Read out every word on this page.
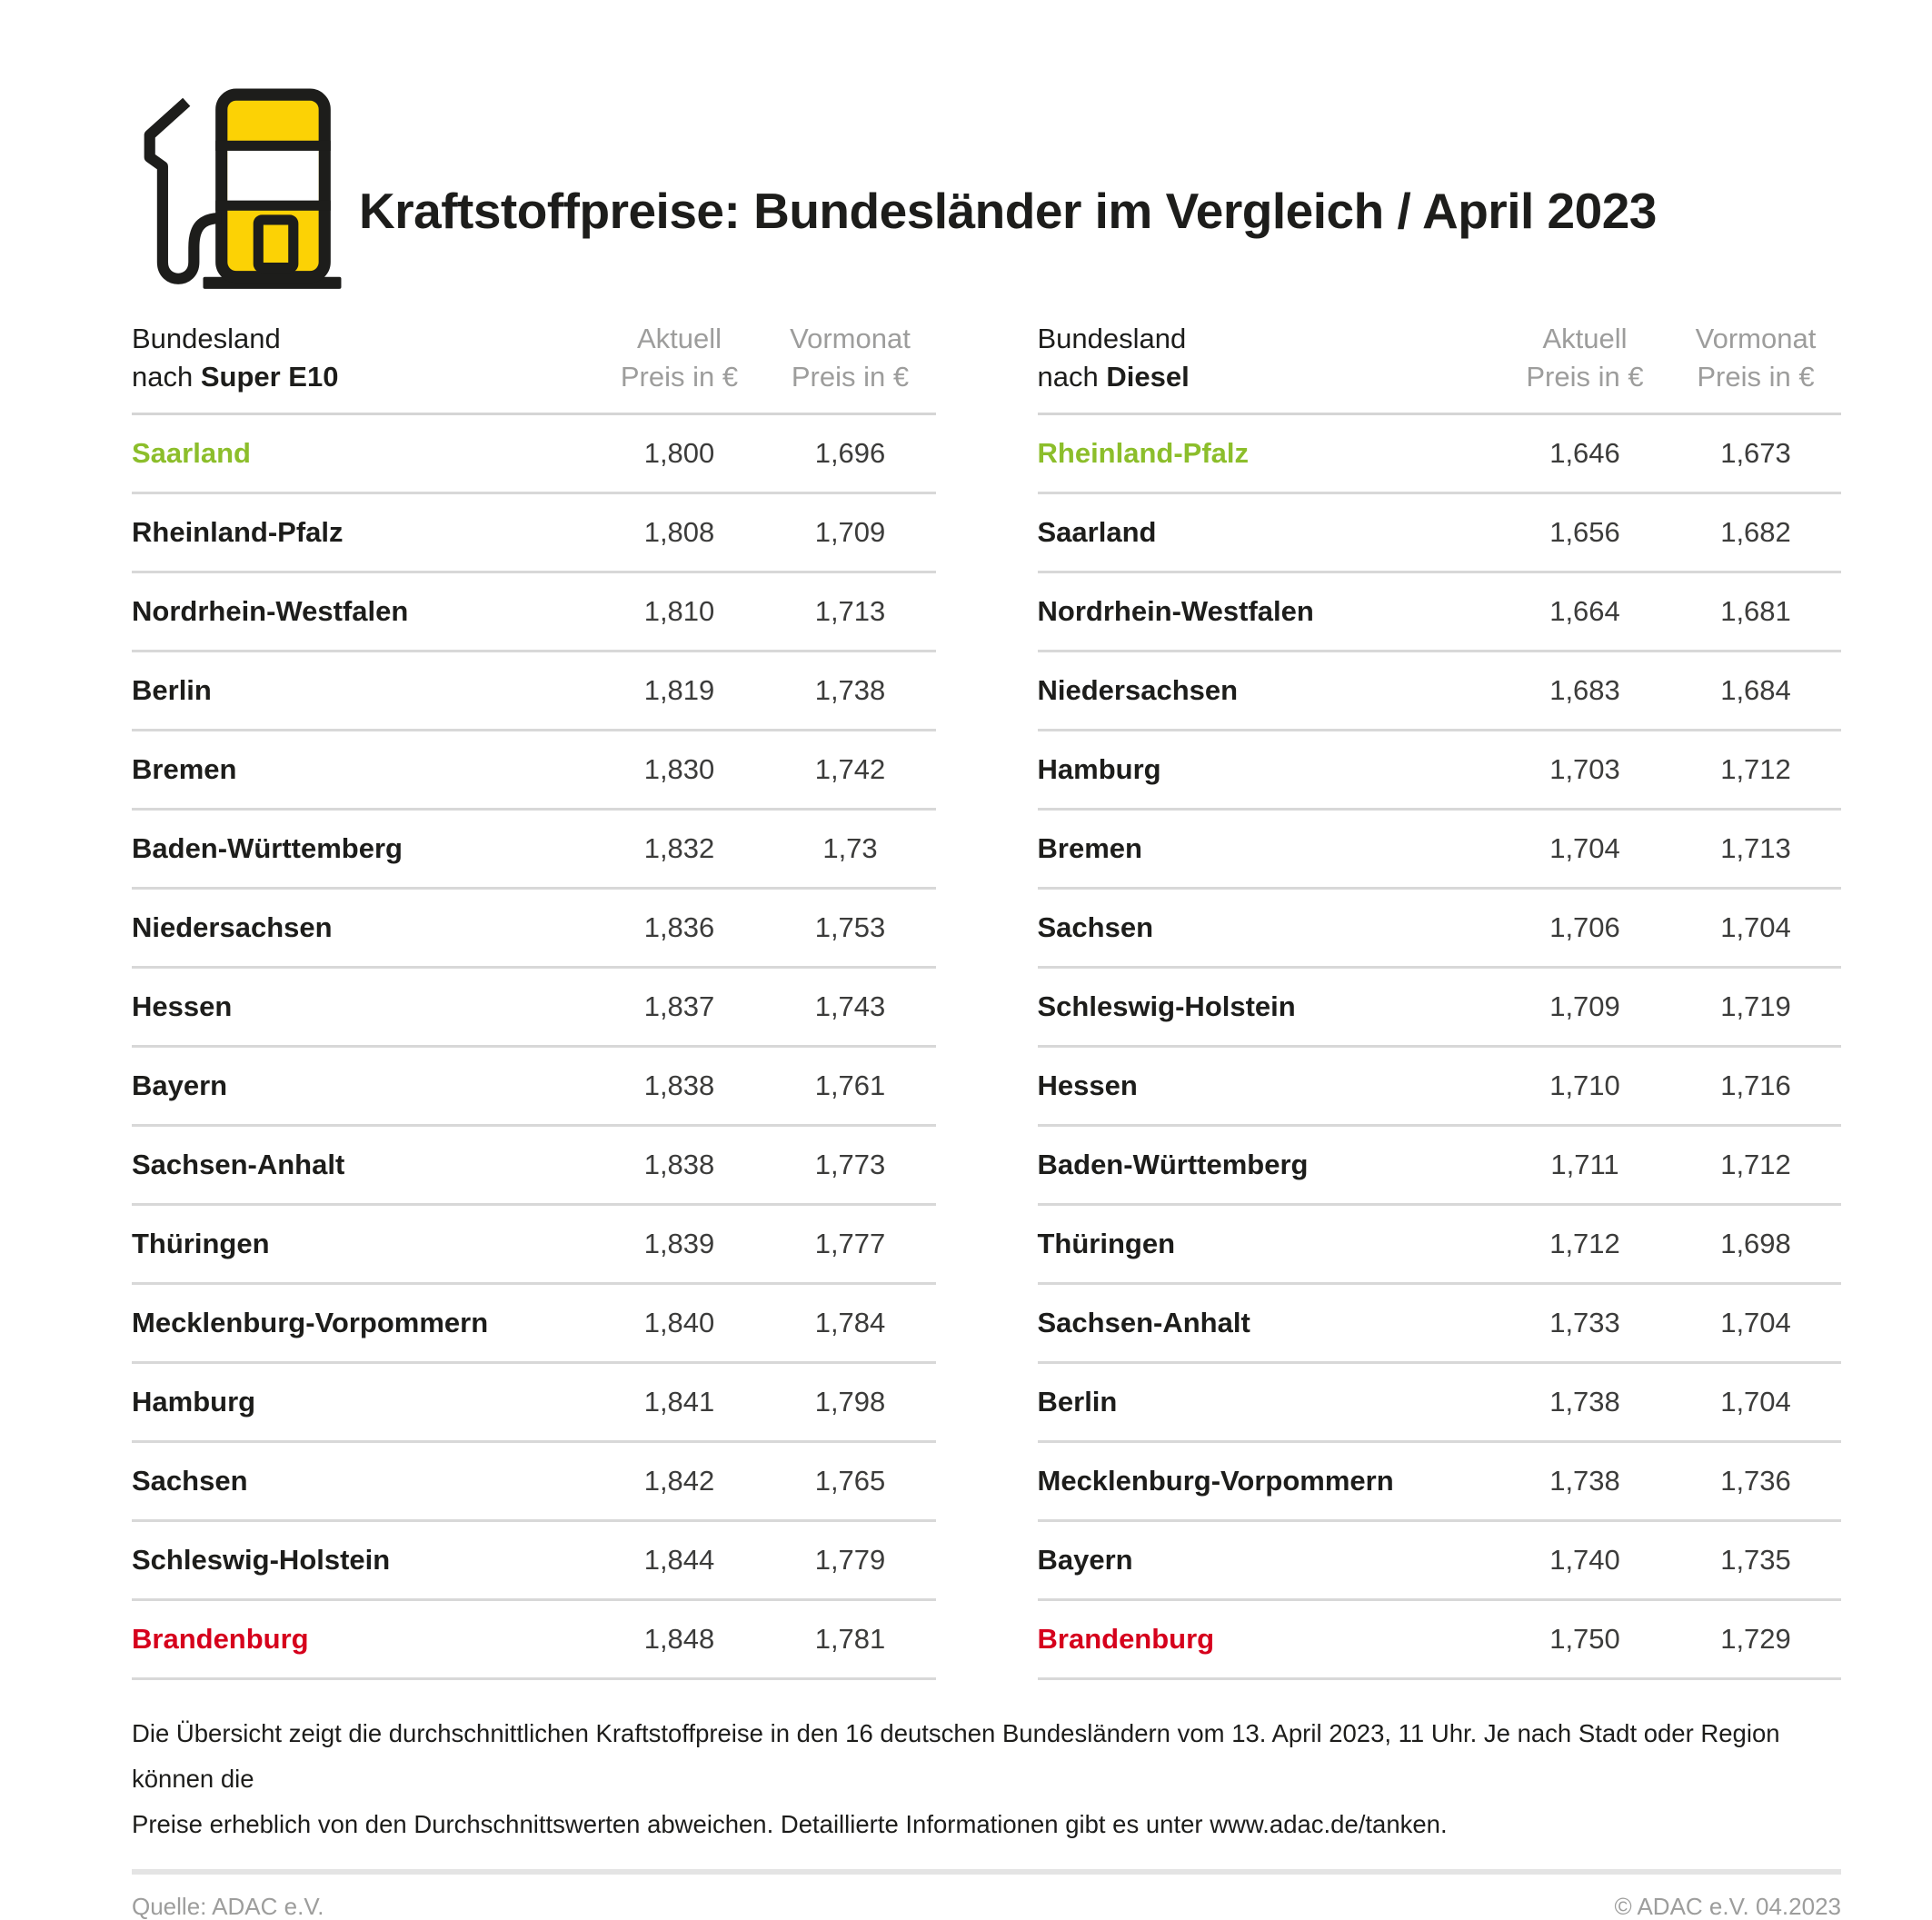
Kraftstoffpreise: Bundesländer im Vergleich / April 2023
Bundesland
nach Super E10
Aktuell
Preis in €
Vormonat
Preis in €
Saarland	1,800	1,696
Rheinland-Pfalz	1,808	1,709
Nordrhein-Westfalen	1,810	1,713
Berlin	1,819	1,738
Bremen	1,830	1,742
Baden-Württemberg	1,832	1,73
Niedersachsen	1,836	1,753
Hessen	1,837	1,743
Bayern	1,838	1,761
Sachsen-Anhalt	1,838	1,773
Thüringen	1,839	1,777
Mecklenburg-Vorpommern	1,840	1,784
Hamburg	1,841	1,798
Sachsen	1,842	1,765
Schleswig-Holstein	1,844	1,779
Brandenburg	1,848	1,781
Bundesland
nach Diesel
Aktuell
Preis in €
Vormonat
Preis in €
Rheinland-Pfalz	1,646	1,673
Saarland	1,656	1,682
Nordrhein-Westfalen	1,664	1,681
Niedersachsen	1,683	1,684
Hamburg	1,703	1,712
Bremen	1,704	1,713
Sachsen	1,706	1,704
Schleswig-Holstein	1,709	1,719
Hessen	1,710	1,716
Baden-Württemberg	1,711	1,712
Thüringen	1,712	1,698
Sachsen-Anhalt	1,733	1,704
Berlin	1,738	1,704
Mecklenburg-Vorpommern	1,738	1,736
Bayern	1,740	1,735
Brandenburg	1,750	1,729
Die Übersicht zeigt die durchschnittlichen Kraftstoffpreise in den 16 deutschen Bundesländern vom 13. April 2023, 11 Uhr. Je nach Stadt oder Region können die
Preise erheblich von den Durchschnittswerten abweichen. Detaillierte Informationen gibt es unter www.adac.de/tanken.
Quelle: ADAC e.V.	© ADAC e.V. 04.2023
